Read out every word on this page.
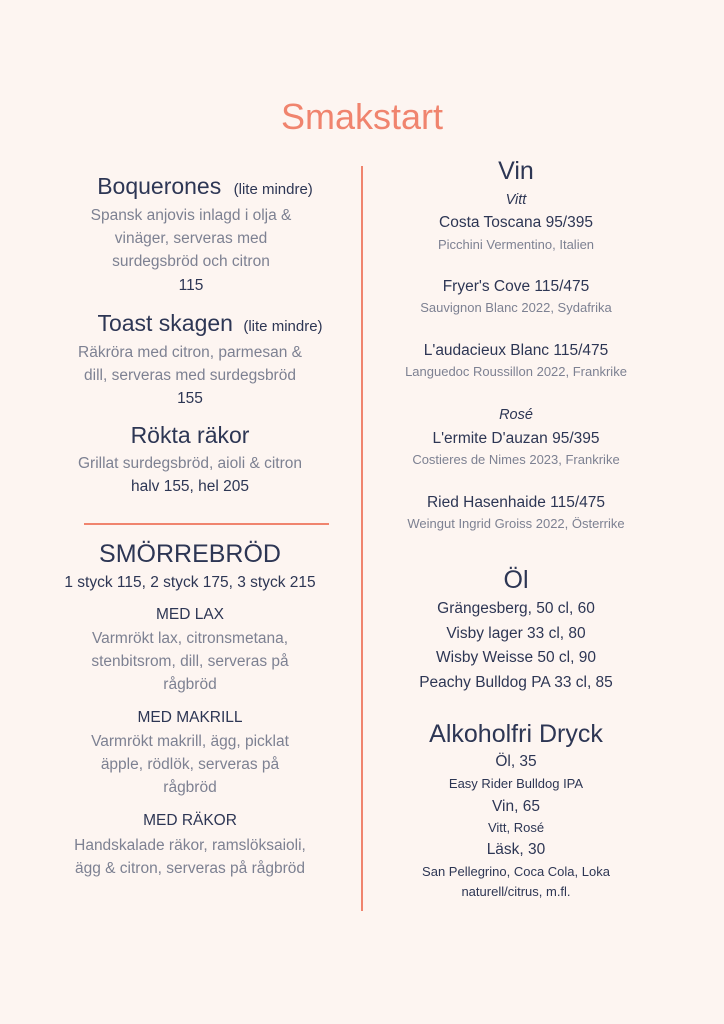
Smakstart
Boquerones (lite mindre)
Spansk anjovis inlagd i olja &
vinäger, serveras med
surdegsbröd och citron
115
Toast skagen (lite mindre)
Räkröra med citron, parmesan &
dill, serveras med surdegsbröd
155
Rökta räkor
Grillat surdegsbröd, aioli & citron
halv 155, hel 205
SMÖRREBRÖD
1 styck 115, 2 styck 175, 3 styck 215
MED LAX
Varmrökt lax, citronsmetana,
stenbitsrom, dill, serveras på
rågbröd
MED MAKRILL
Varmrökt makrill, ägg, picklat
äpple, rödlök, serveras på
rågbröd
MED RÄKOR
Handskalade räkor, ramslöksaioli,
ägg & citron, serveras på rågbröd
Vin
Vitt
Costa Toscana 95/395
Picchini Vermentino, Italien
Fryer's Cove 115/475
Sauvignon Blanc 2022, Sydafrika
L'audacieux Blanc 115/475
Languedoc Roussillon 2022, Frankrike
Rosé
L'ermite D'auzan 95/395
Costieres de Nimes 2023, Frankrike
Ried Hasenhaide 115/475
Weingut Ingrid Groiss 2022, Österrike
Öl
Grängesberg, 50 cl, 60
Visby lager 33 cl, 80
Wisby Weisse 50 cl, 90
Peachy Bulldog PA 33 cl, 85
Alkoholfri Dryck
Öl, 35
Easy Rider Bulldog IPA
Vin, 65
Vitt, Rosé
Läsk, 30
San Pellegrino, Coca Cola, Loka
naturell/citrus, m.fl.
